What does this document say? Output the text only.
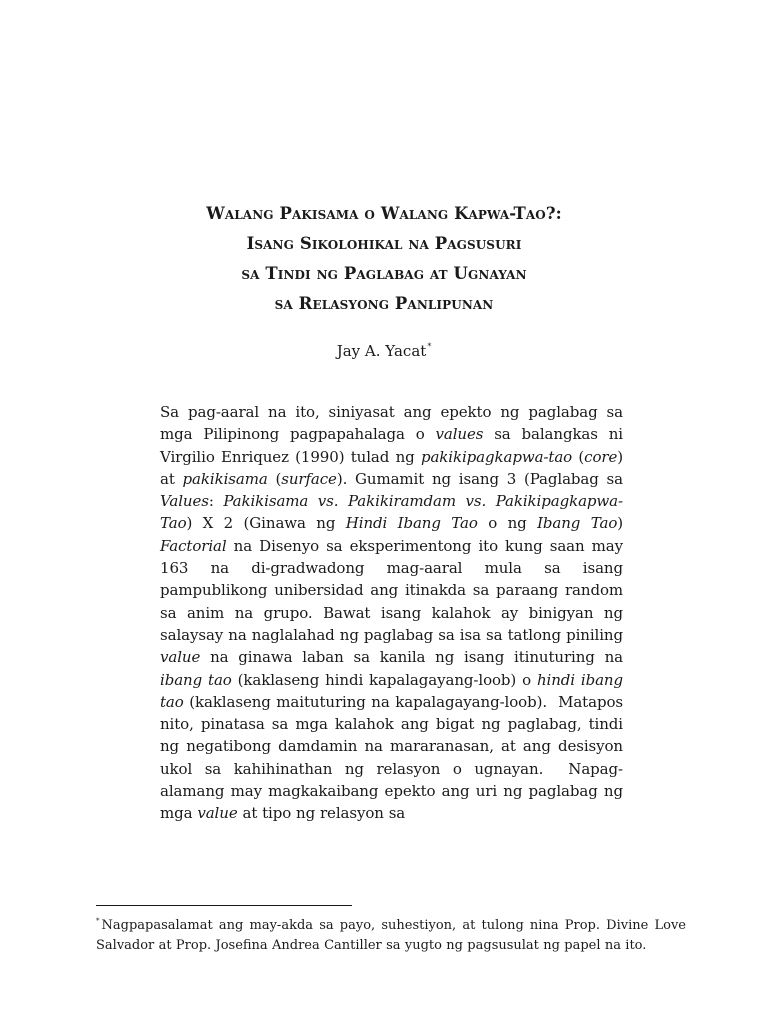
Walang Pakisama o Walang Kapwa-Tao?:
Isang Sikolohikal na Pagsusuri
sa Tindi ng Paglabag at Ugnayan
sa Relasyong Panlipunan
Jay A. Yacat*

Sa pag-aaral na ito, siniyasat ang epekto ng paglabag sa mga Pilipinong pagpapahalaga o values sa balangkas ni Virgilio Enriquez (1990) tulad ng pakikipagkapwa-tao (core) at pakikisama (surface). Gumamit ng isang 3 (Paglabag sa Values: Pakikisama vs. Pakikiramdam vs. Pakikipagkapwa-Tao) X 2 (Ginawa ng Hindi Ibang Tao o ng Ibang Tao) Factorial na Disenyo sa eksperimentong ito kung saan may 163 na di-gradwadong mag-aaral mula sa isang pampublikong unibersidad ang itinakda sa paraang random sa anim na grupo. Bawat isang kalahok ay binigyan ng salaysay na naglalahad ng paglabag sa isa sa tatlong piniling value na ginawa laban sa kanila ng isang itinuturing na ibang tao (kaklaseng hindi kapalagayang-loob) o hindi ibang tao (kaklaseng maituturing na kapalagayang-loob).  Matapos nito, pinatasa sa mga kalahok ang bigat ng paglabag, tindi ng negatibong damdamin na mararanasan, at ang desisyon ukol sa kahihinathan ng relasyon o ugnayan.  Napag-alamang may magkakaibang epekto ang uri ng paglabag ng mga value at tipo ng relasyon sa

* Nagpapasalamat ang may-akda sa payo, suhestiyon, at tulong nina Prop. Divine Love Salvador at Prop. Josefina Andrea Cantiller sa yugto ng pagsusulat ng papel na ito.
